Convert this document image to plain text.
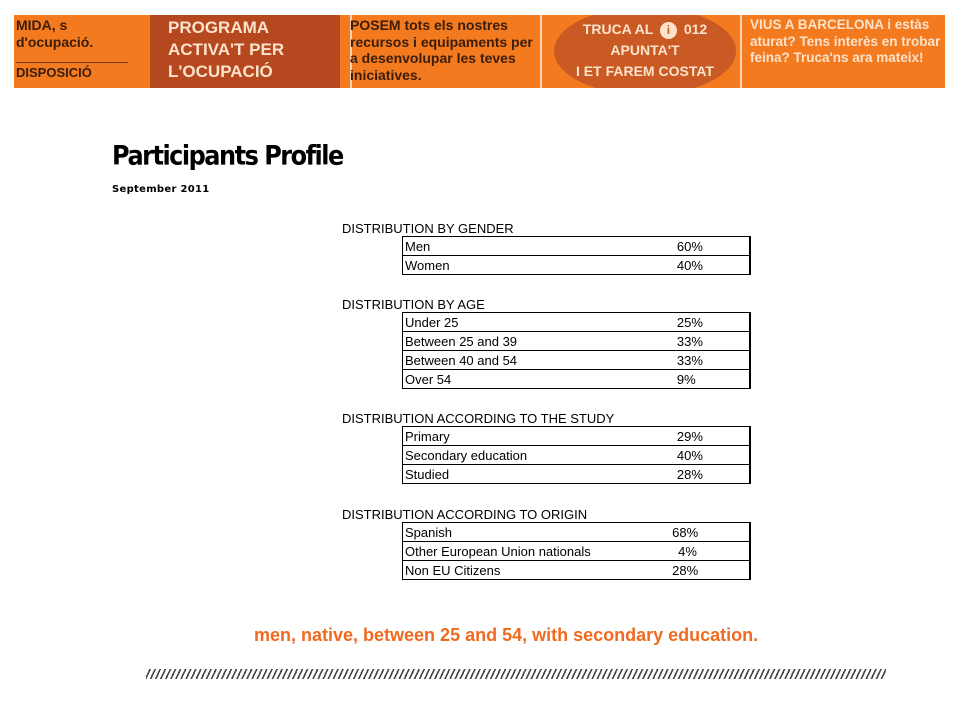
MIDA, s d'ocupació.
DISPOSICIÓ
PROGRAMA ACTIVA'T PER L'OCUPACIÓ
POSEM tots els nostres recursos i equipaments per a desenvolupar les teves iniciatives.
TRUCA AL i 012
APUNTA'T
I ET FAREM COSTAT
VIUS A BARCELONA i estàs aturat? Tens interès en trobar feina? Truca'ns ara mateix!
Participants Profile
September 2011
DISTRIBUTION BY GENDER
Men	60%
Women	40%
DISTRIBUTION BY AGE
Under 25	25%
Between 25 and 39	33%
Between 40 and 54	33%
Over 54	9%
DISTRIBUTION ACCORDING TO THE STUDY
Primary	29%
Secondary education	40%
Studied	28%
DISTRIBUTION ACCORDING TO ORIGIN
Spanish	68%
Other European Union nationals	4%
Non EU Citizens	28%
men, native, between 25 and 54, with secondary education.
